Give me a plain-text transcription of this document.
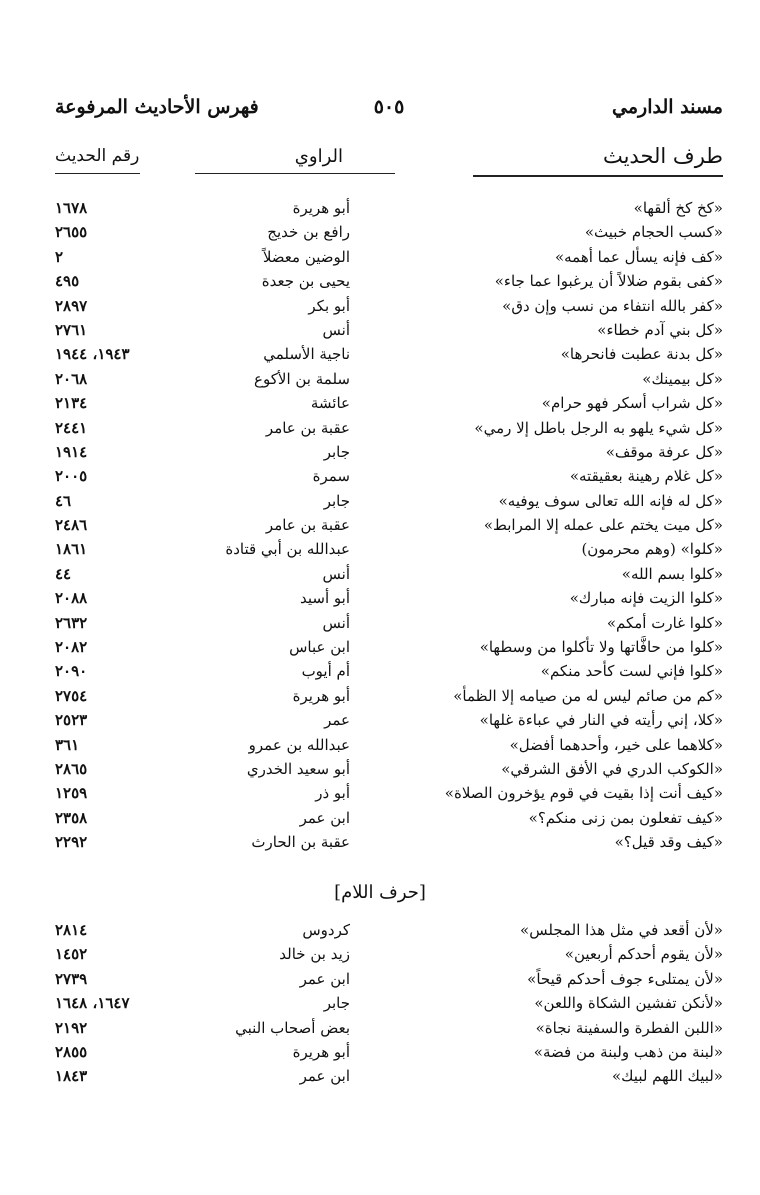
مسند الدارمي
٥٠٥
فهرس الأحاديث المرفوعة
طرف الحديث
الراوي
رقم الحديث
«كخ كخ ألقها»
أبو هريرة
١٦٧٨
«كسب الحجام خبيث»
رافع بن خديج
٢٦٥٥
«كف فإنه يسأل عما أهمه»
الوضين معضلاً
٢
«كفى بقوم ضلالاً أن يرغبوا عما جاء»
يحيى بن جعدة
٤٩٥
«كفر بالله انتفاء من نسب وإن دق»
أبو بكر
٢٨٩٧
«كل بني آدم خطاء»
أنس
٢٧٦١
«كل بدنة عطبت فانحرها»
ناجية الأسلمي
١٩٤٣، ١٩٤٤
«كل بيمينك»
سلمة بن الأكوع
٢٠٦٨
«كل شراب أسكر فهو حرام»
عائشة
٢١٣٤
«كل شيء يلهو به الرجل باطل إلا رمي»
عقبة بن عامر
٢٤٤١
«كل عرفة موقف»
جابر
١٩١٤
«كل غلام رهينة بعقيقته»
سمرة
٢٠٠٥
«كل له فإنه الله تعالى سوف يوفيه»
جابر
٤٦
«كل ميت يختم على عمله إلا المرابط»
عقبة بن عامر
٢٤٨٦
«كلوا» (وهم محرمون)
عبدالله بن أبي قتادة
١٨٦١
«كلوا بسم الله»
أنس
٤٤
«كلوا الزيت فإنه مبارك»
أبو أسيد
٢٠٨٨
«كلوا غارت أمكم»
أنس
٢٦٣٢
«كلوا من حافَّاتها ولا تأكلوا من وسطها»
ابن عباس
٢٠٨٢
«كلوا فإني لست كأحد منكم»
أم أيوب
٢٠٩٠
«كم من صائم ليس له من صيامه إلا الظمأ»
أبو هريرة
٢٧٥٤
«كلا، إني رأيته في النار في عباءة غلها»
عمر
٢٥٢٣
«كلاهما على خير، وأحدهما أفضل»
عبدالله بن عمرو
٣٦١
«الكوكب الدري في الأفق الشرقي»
أبو سعيد الخدري
٢٨٦٥
«كيف أنت إذا بقيت في قوم يؤخرون الصلاة»
أبو ذر
١٢٥٩
«كيف تفعلون بمن زنى منكم؟»
ابن عمر
٢٣٥٨
«كيف وقد قيل؟»
عقبة بن الحارث
٢٢٩٢
[حرف اللام]
«لأن أقعد في مثل هذا المجلس»
كردوس
٢٨١٤
«لأن يقوم أحدكم أربعين»
زيد بن خالد
١٤٥٢
«لأن يمتلىء جوف أحدكم قيحاً»
ابن عمر
٢٧٣٩
«لأنكن تفشين الشكاة واللعن»
جابر
١٦٤٧، ١٦٤٨
«اللبن الفطرة والسفينة نجاة»
بعض أصحاب النبي
٢١٩٢
«لبنة من ذهب ولبنة من فضة»
أبو هريرة
٢٨٥٥
«لبيك اللهم لبيك»
ابن عمر
١٨٤٣
